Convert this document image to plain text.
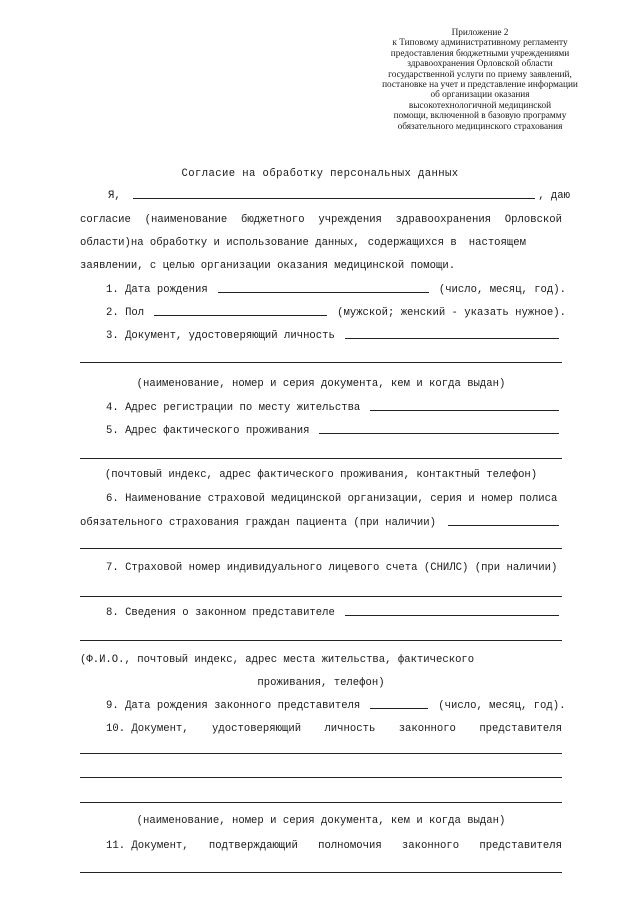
Приложение 2
к Типовому административному регламенту
предоставления бюджетными учреждениями
здравоохранения Орловской области
государственной услуги по приему заявлений,
постановке на учет и представление информации
об организации оказания
высокотехнологичной медицинской
помощи, включенной в базовую программу
обязательного медицинского страхования
Согласие на обработку персональных данных
Я,	, даю
согласие (наименование бюджетного учреждения здравоохранения Орловской
области)на обработку и использование данных, содержащихся в настоящем
заявлении, с целью организации оказания медицинской помощи.
1. Дата рождения	(число, месяц, год).
2. Пол	(мужской; женский - указать нужное).
3. Документ, удостоверяющий личность
(наименование, номер и серия документа, кем и когда выдан)
4. Адрес регистрации по месту жительства
5. Адрес фактического проживания
(почтовый индекс, адрес фактического проживания, контактный телефон)
6. Наименование страховой медицинской организации, серия и номер полиса
обязательного страхования граждан пациента (при наличии)
7. Страховой номер индивидуального лицевого счета (СНИЛС) (при наличии)
8. Сведения о законном представителе
(Ф.И.О., почтовый индекс, адрес места жительства, фактического
проживания, телефон)
9. Дата рождения законного представителя	(число, месяц, год).
10. Документ, удостоверяющий личность законного представителя
(наименование, номер и серия документа, кем и когда выдан)
11. Документ, подтверждающий полномочия законного представителя
